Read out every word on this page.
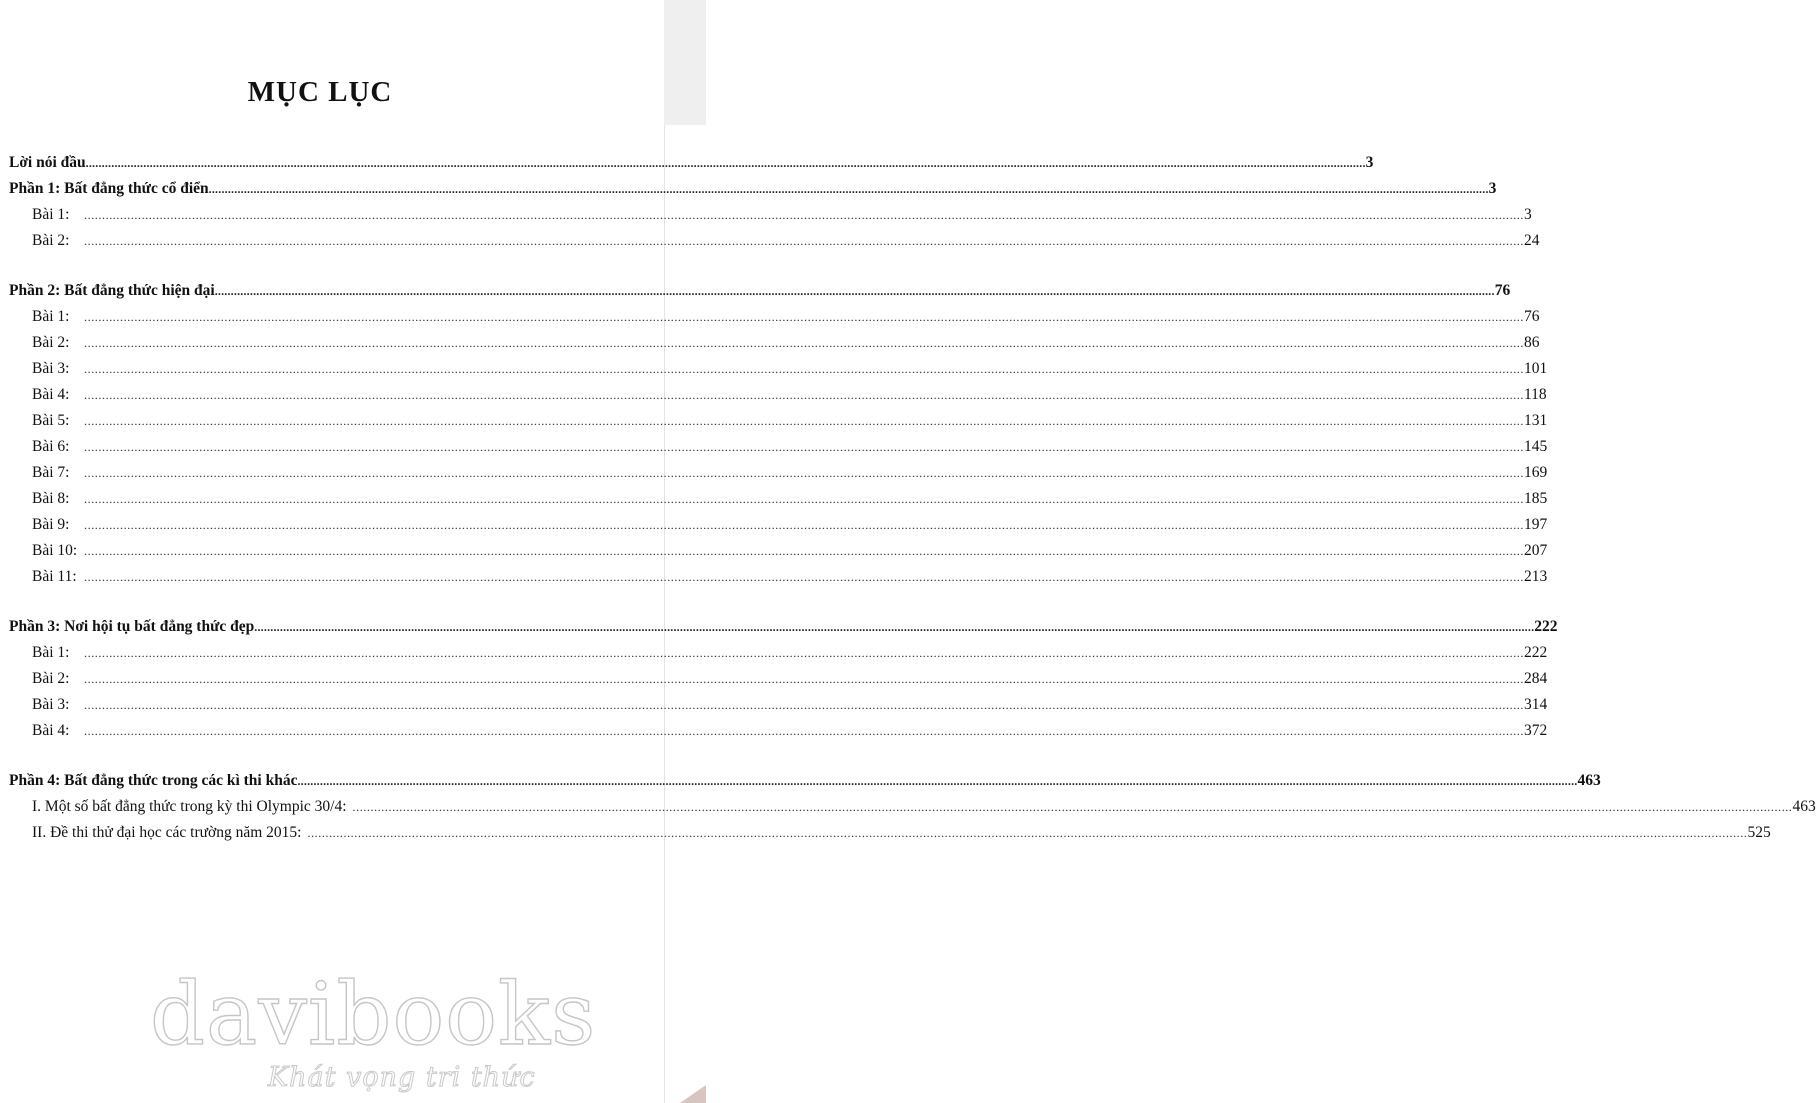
MỤC LỤC
Lời nói đầu ................................................................................................................................................................................................................................................................................................................................................................................................................ 3
Phần 1: Bất đẳng thức cổ điển ................................................................................................................................................................................................................................................................................................................................................................................................................ 3
Bài 1:	................................................................................................................................................................................................................................................................................................................................................................................................................ 3
Bài 2:	................................................................................................................................................................................................................................................................................................................................................................................................................ 24
Phần 2: Bất đẳng thức hiện đại ................................................................................................................................................................................................................................................................................................................................................................................................................ 76
Bài 1:	................................................................................................................................................................................................................................................................................................................................................................................................................ 76
Bài 2:	................................................................................................................................................................................................................................................................................................................................................................................................................ 86
Bài 3:	................................................................................................................................................................................................................................................................................................................................................................................................................ 101
Bài 4:	................................................................................................................................................................................................................................................................................................................................................................................................................ 118
Bài 5:	................................................................................................................................................................................................................................................................................................................................................................................................................ 131
Bài 6:	................................................................................................................................................................................................................................................................................................................................................................................................................ 145
Bài 7:	................................................................................................................................................................................................................................................................................................................................................................................................................ 169
Bài 8:	................................................................................................................................................................................................................................................................................................................................................................................................................ 185
Bài 9:	................................................................................................................................................................................................................................................................................................................................................................................................................ 197
Bài 10: ................................................................................................................................................................................................................................................................................................................................................................................................................ 207
Bài 11: ................................................................................................................................................................................................................................................................................................................................................................................................................ 213
Phần 3: Nơi hội tụ bất đẳng thức đẹp ................................................................................................................................................................................................................................................................................................................................................................................................................ 222
Bài 1:	................................................................................................................................................................................................................................................................................................................................................................................................................ 222
Bài 2:	................................................................................................................................................................................................................................................................................................................................................................................................................ 284
Bài 3:	................................................................................................................................................................................................................................................................................................................................................................................................................ 314
Bài 4:	................................................................................................................................................................................................................................................................................................................................................................................................................ 372
Phần 4: Bất đẳng thức trong các kì thi khác ................................................................................................................................................................................................................................................................................................................................................................................................................ 463
I. Một số bất đẳng thức trong kỳ thi Olympic 30/4: ................................................................................................................................................................................................................................................................................................................................................................................................................ 463
II. Đề thi thử đại học các trường năm 2015: ................................................................................................................................................................................................................................................................................................................................................................................................................ 525
davibooks
Khát vọng tri thức
